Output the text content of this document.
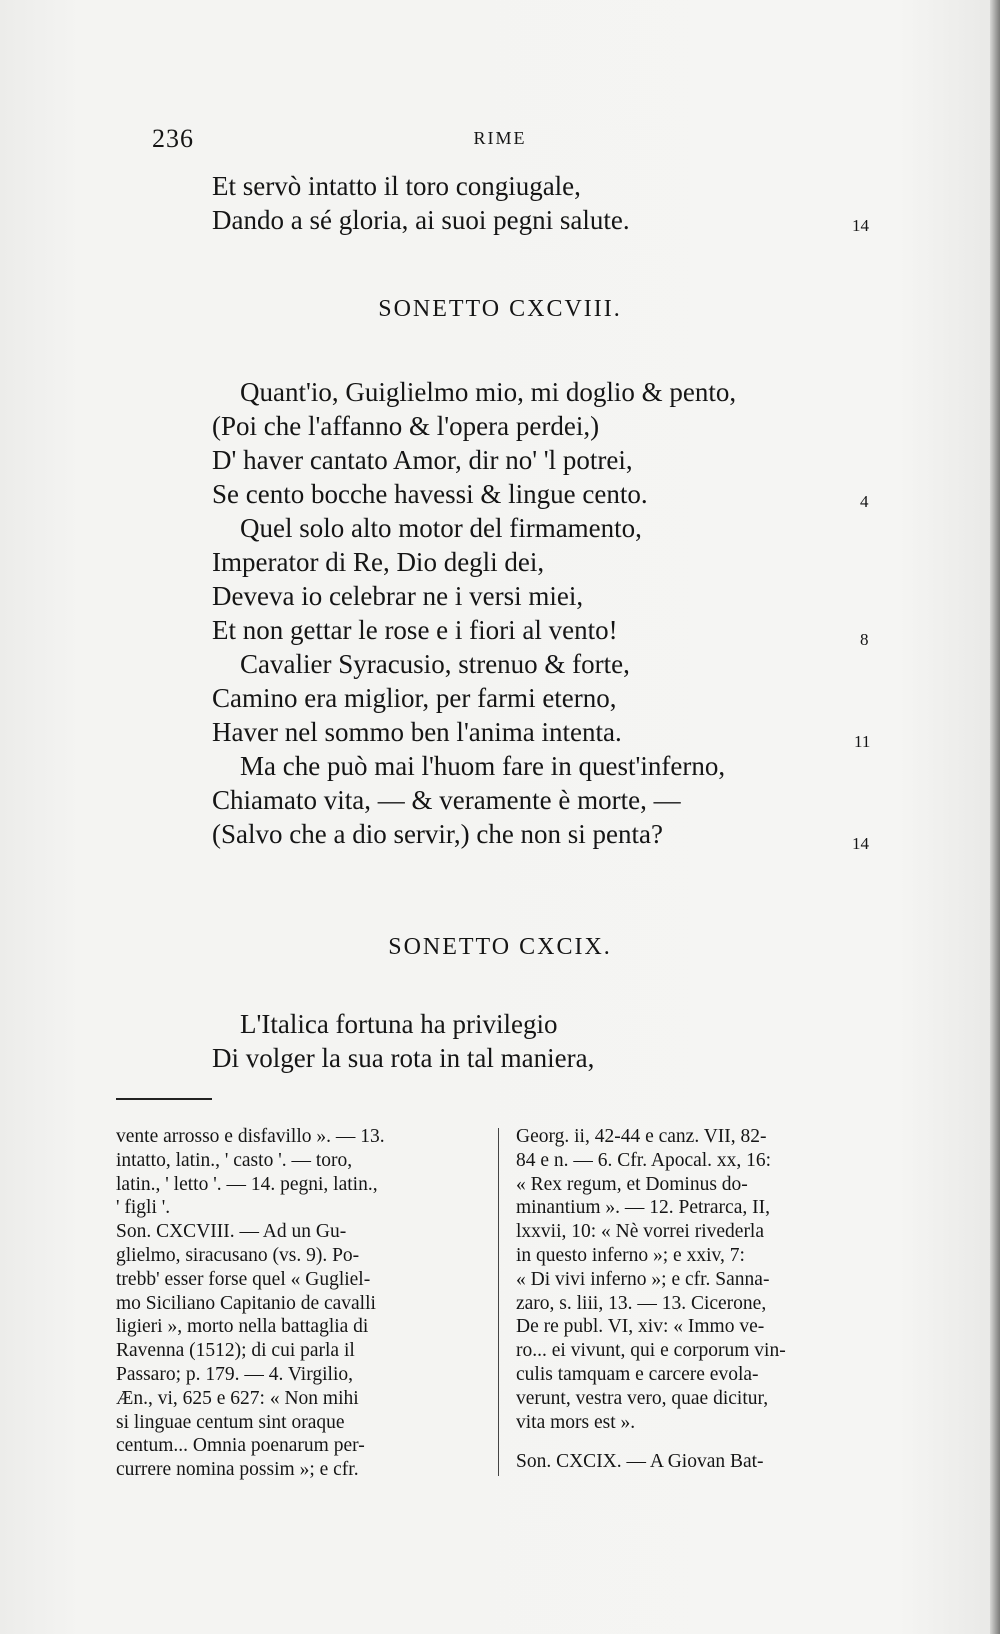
236	RIME
Et servò intatto il toro congiugale,
Dando a sé gloria, ai suoi pegni salute.	14
SONETTO CXCVIII.
Quant'io, Guiglielmo mio, mi doglio & pento,
(Poi che l'affanno & l'opera perdei,)
D' haver cantato Amor, dir no' 'l potrei,
Se cento bocche havessi & lingue cento.	4
Quel solo alto motor del firmamento,
Imperator di Re, Dio degli dei,
Deveva io celebrar ne i versi miei,
Et non gettar le rose e i fiori al vento!	8
Cavalier Syracusio, strenuo & forte,
Camino era miglior, per farmi eterno,
Haver nel sommo ben l'anima intenta.	11
Ma che può mai l'huom fare in quest'inferno,
Chiamato vita, — & veramente è morte, —
(Salvo che a dio servir,) che non si penta?	14
SONETTO CXCIX.
L'Italica fortuna ha privilegio
Di volger la sua rota in tal maniera,

vente arrosso e disfavillo ». — 13.

intatto, latin., ' casto '. — toro,

latin., ' letto '. — 14. pegni, latin.,

' figli '.

Son. CXCVIII. — Ad un Gu-

glielmo, siracusano (vs. 9). Po-

trebb' esser forse quel « Gugliel-

mo Siciliano Capitanio de cavalli

ligieri », morto nella battaglia di

Ravenna (1512); di cui parla il

Passaro; p. 179. — 4. Virgilio,

Æn., vi, 625 e 627: « Non mihi

si linguae centum sint oraque

centum... Omnia poenarum per-

currere nomina possim »; e cfr.

Georg. ii, 42-44 e canz. VII, 82-

84 e n. — 6. Cfr. Apocal. xx, 16:

« Rex regum, et Dominus do-

minantium ». — 12. Petrarca, II,

lxxvii, 10: « Nè vorrei rivederla

in questo inferno »; e xxiv, 7:

« Di vivi inferno »; e cfr. Sanna-

zaro, s. liii, 13. — 13. Cicerone,

De re publ. VI, xiv: « Immo ve-

ro... ei vivunt, qui e corporum vin-

culis tamquam e carcere evola-

verunt, vestra vero, quae dicitur,

vita mors est ».

Son. CXCIX. — A Giovan Bat-
